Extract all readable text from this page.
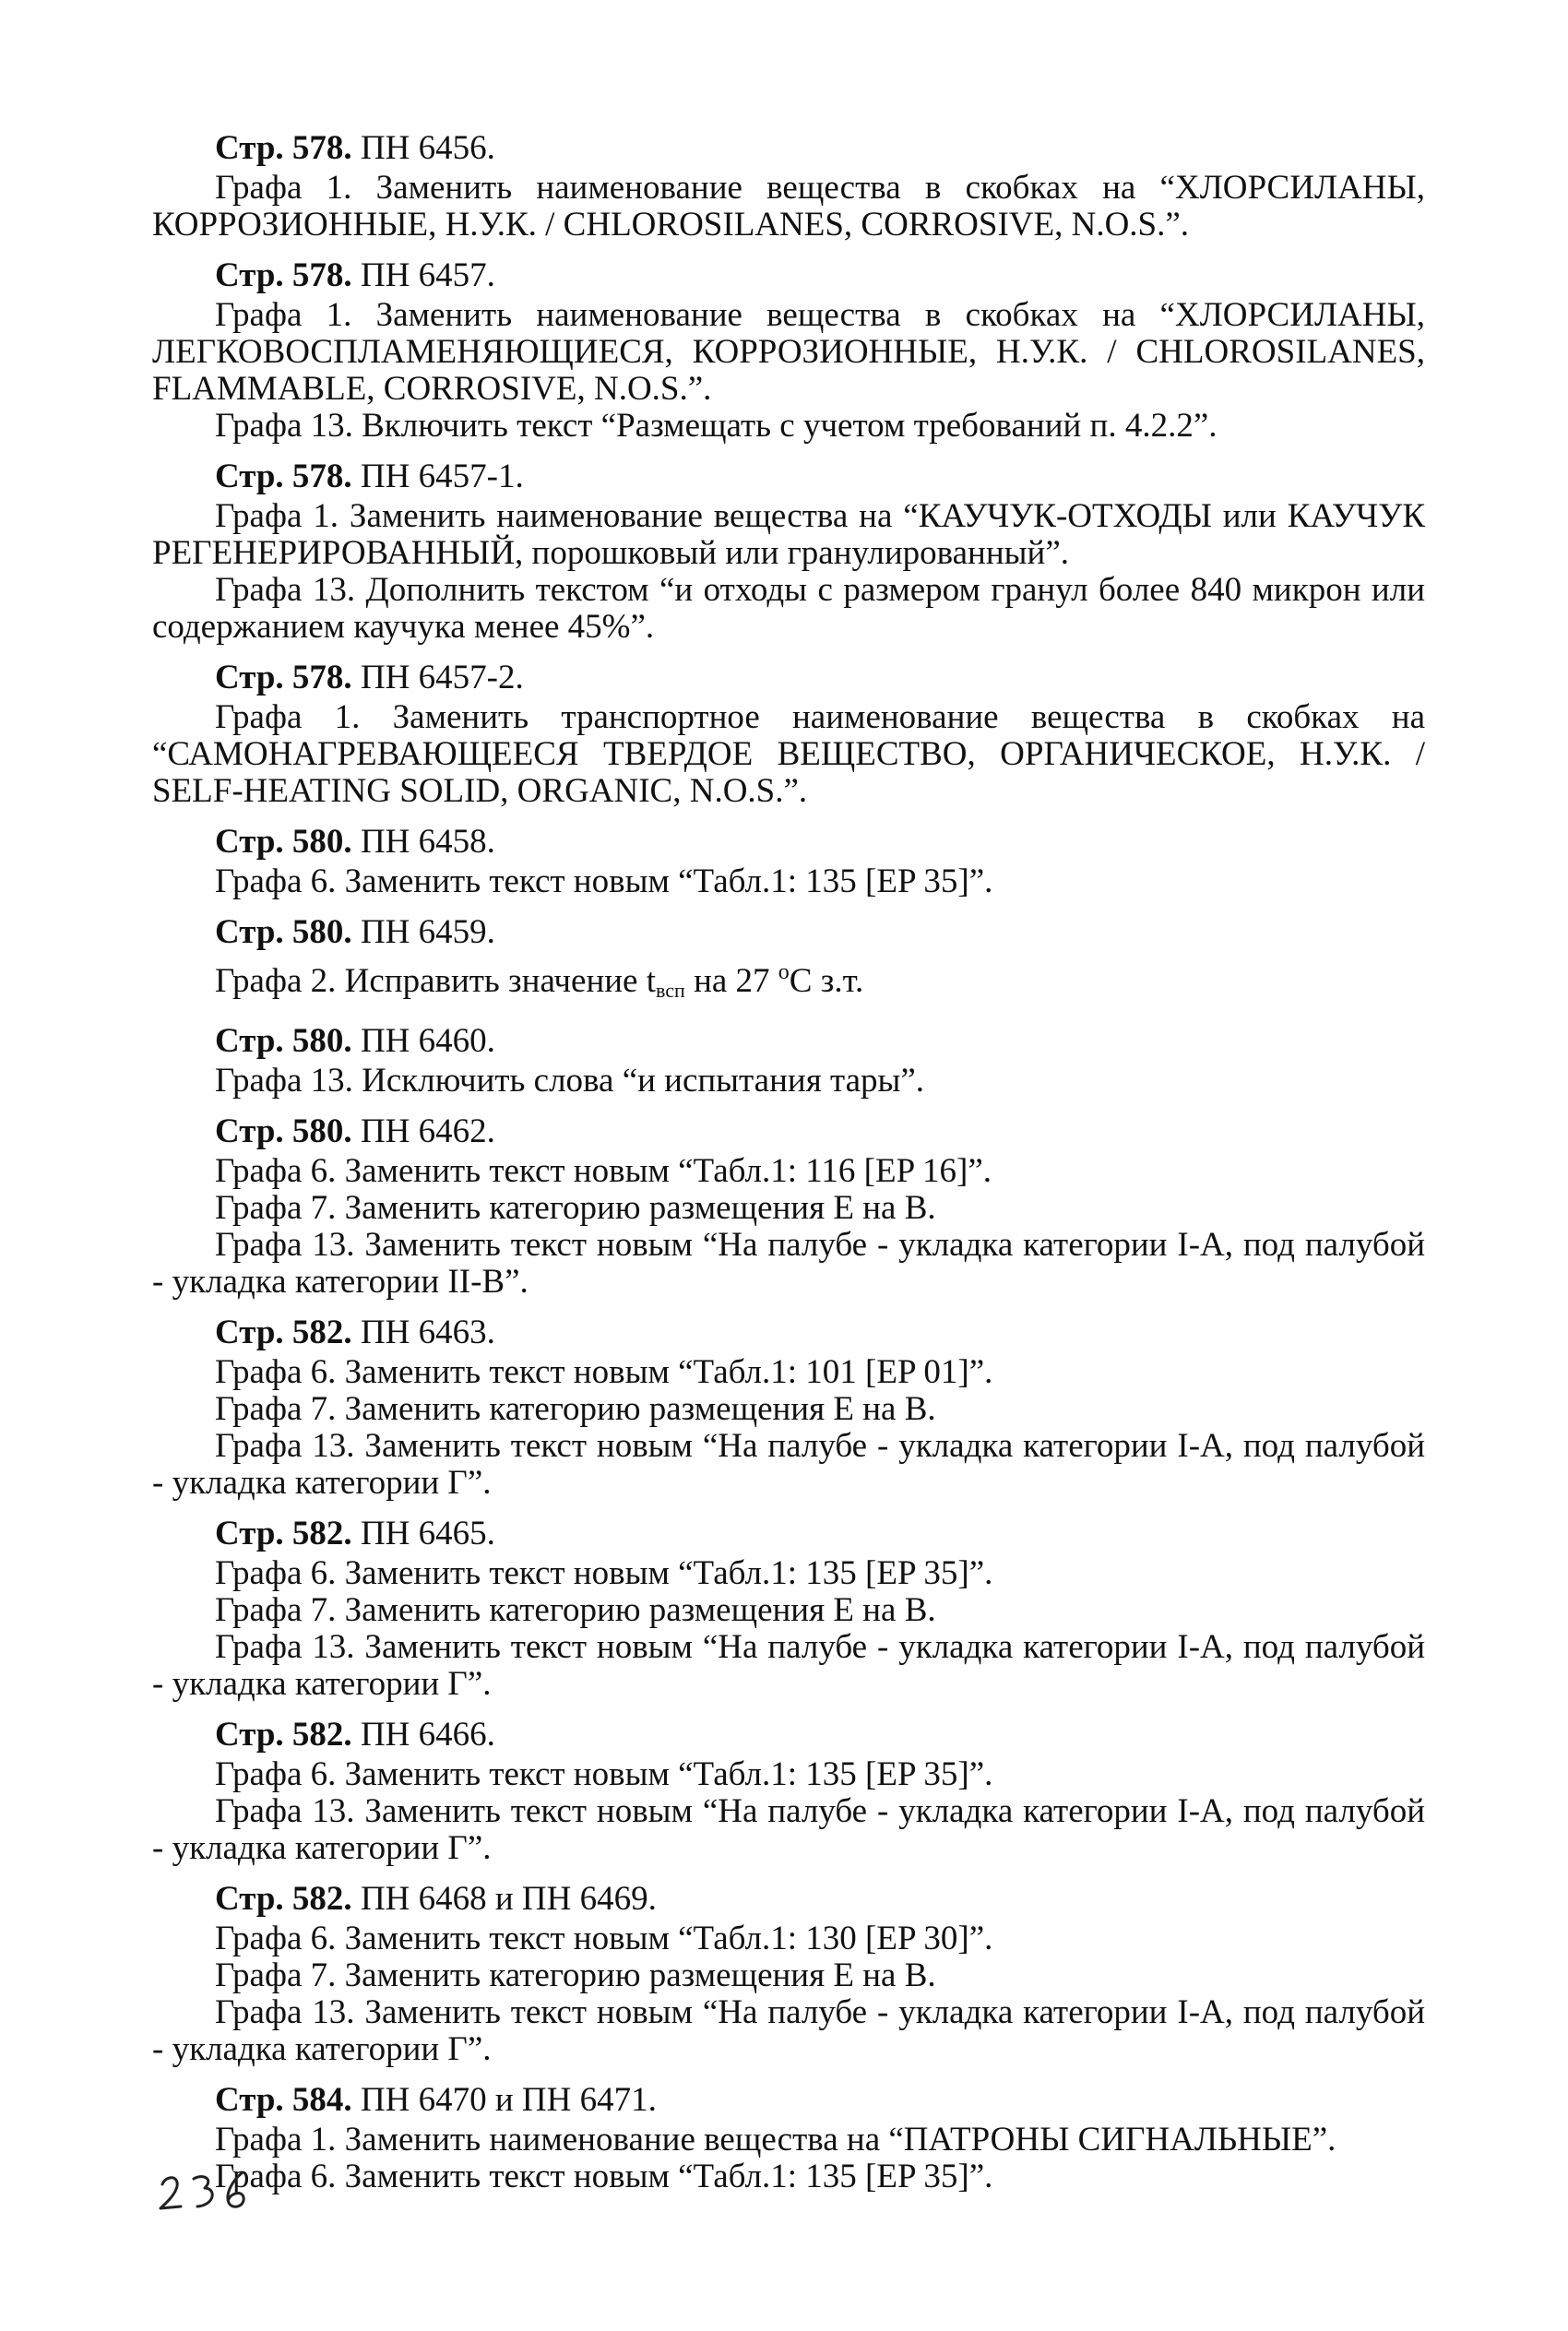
Стр. 578. ПН 6456.

Графа 1. Заменить наименование вещества в скобках на “ХЛОРСИЛАНЫ, КОРРОЗИОННЫЕ, Н.У.К. / CHLOROSILANES, CORROSIVE, N.O.S.”.

Стр. 578. ПН 6457.

Графа 1. Заменить наименование вещества в скобках на “ХЛОРСИЛАНЫ, ЛЕГКОВОСПЛАМЕНЯЮЩИЕСЯ, КОРРОЗИОННЫЕ, Н.У.К. / CHLOROSILANES, FLAMMABLE, CORROSIVE, N.O.S.”.

Графа 13. Включить текст “Размещать с учетом требований п. 4.2.2”.

Стр. 578. ПН 6457-1.

Графа 1. Заменить наименование вещества на “КАУЧУК-ОТХОДЫ или КАУЧУК РЕГЕНЕРИРОВАННЫЙ, порошковый или гранулированный”.

Графа 13. Дополнить текстом “и отходы с размером гранул более 840 микрон или содержанием каучука менее 45%”.

Стр. 578. ПН 6457-2.

Графа 1. Заменить транспортное наименование вещества в скобках на “САМОНАГРЕВАЮЩЕЕСЯ ТВЕРДОЕ ВЕЩЕСТВО, ОРГАНИЧЕСКОЕ, Н.У.К. / SELF-HEATING SOLID, ORGANIC, N.O.S.”.

Стр. 580. ПН 6458.

Графа 6. Заменить текст новым “Табл.1: 135 [EP 35]”.

Стр. 580. ПН 6459.

Графа 2. Исправить значение $t_{всп}$ на 27 $^o$C з.т.

Стр. 580. ПН 6460.

Графа 13. Исключить слова “и испытания тары”.

Стр. 580. ПН 6462.

Графа 6. Заменить текст новым “Табл.1: 116 [EP 16]”.

Графа 7. Заменить категорию размещения Е на В.

Графа 13. Заменить текст новым “На палубе - укладка категории I-А, под палубой - укладка категории II-В”.

Стр. 582. ПН 6463.

Графа 6. Заменить текст новым “Табл.1: 101 [EP 01]”.

Графа 7. Заменить категорию размещения Е на В.

Графа 13. Заменить текст новым “На палубе - укладка категории I-А, под палубой - укладка категории Г”.

Стр. 582. ПН 6465.

Графа 6. Заменить текст новым “Табл.1: 135 [EP 35]”.

Графа 7. Заменить категорию размещения Е на В.

Графа 13. Заменить текст новым “На палубе - укладка категории I-А, под палубой - укладка категории Г”.

Стр. 582. ПН 6466.

Графа 6. Заменить текст новым “Табл.1: 135 [EP 35]”.

Графа 13. Заменить текст новым “На палубе - укладка категории I-А, под палубой - укладка категории Г”.

Стр. 582. ПН 6468 и ПН 6469.

Графа 6. Заменить текст новым “Табл.1: 130 [EP 30]”.

Графа 7. Заменить категорию размещения Е на В.

Графа 13. Заменить текст новым “На палубе - укладка категории I-А, под палубой - укладка категории Г”.

Стр. 584. ПН 6470 и ПН 6471.

Графа 1. Заменить наименование вещества на “ПАТРОНЫ СИГНАЛЬНЫЕ”.

Графа 6. Заменить текст новым “Табл.1: 135 [EP 35]”.
